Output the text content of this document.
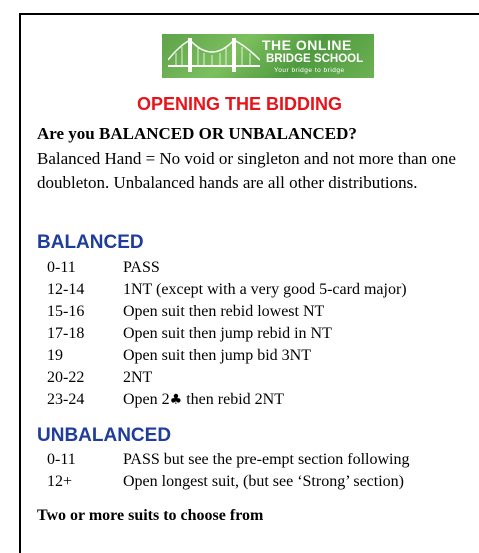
THE ONLINE
BRIDGE SCHOOL
Your bridge to bridge
OPENING THE BIDDING
Are you BALANCED OR UNBALANCED?
Balanced Hand = No void or singleton and not more than one doubleton. Unbalanced hands are all other distributions.
BALANCED
0-11	PASS
12-14 1NT (except with a very good 5-card major)
15-16 Open suit then rebid lowest NT
17-18 Open suit then jump rebid in NT
19	Open suit then jump bid 3NT
20-22 2NT
23-24 Open 2♣ then rebid 2NT
UNBALANCED
0-11	PASS but see the pre-empt section following
12+	Open longest suit, (but see ‘Strong’ section)
Two or more suits to choose from
